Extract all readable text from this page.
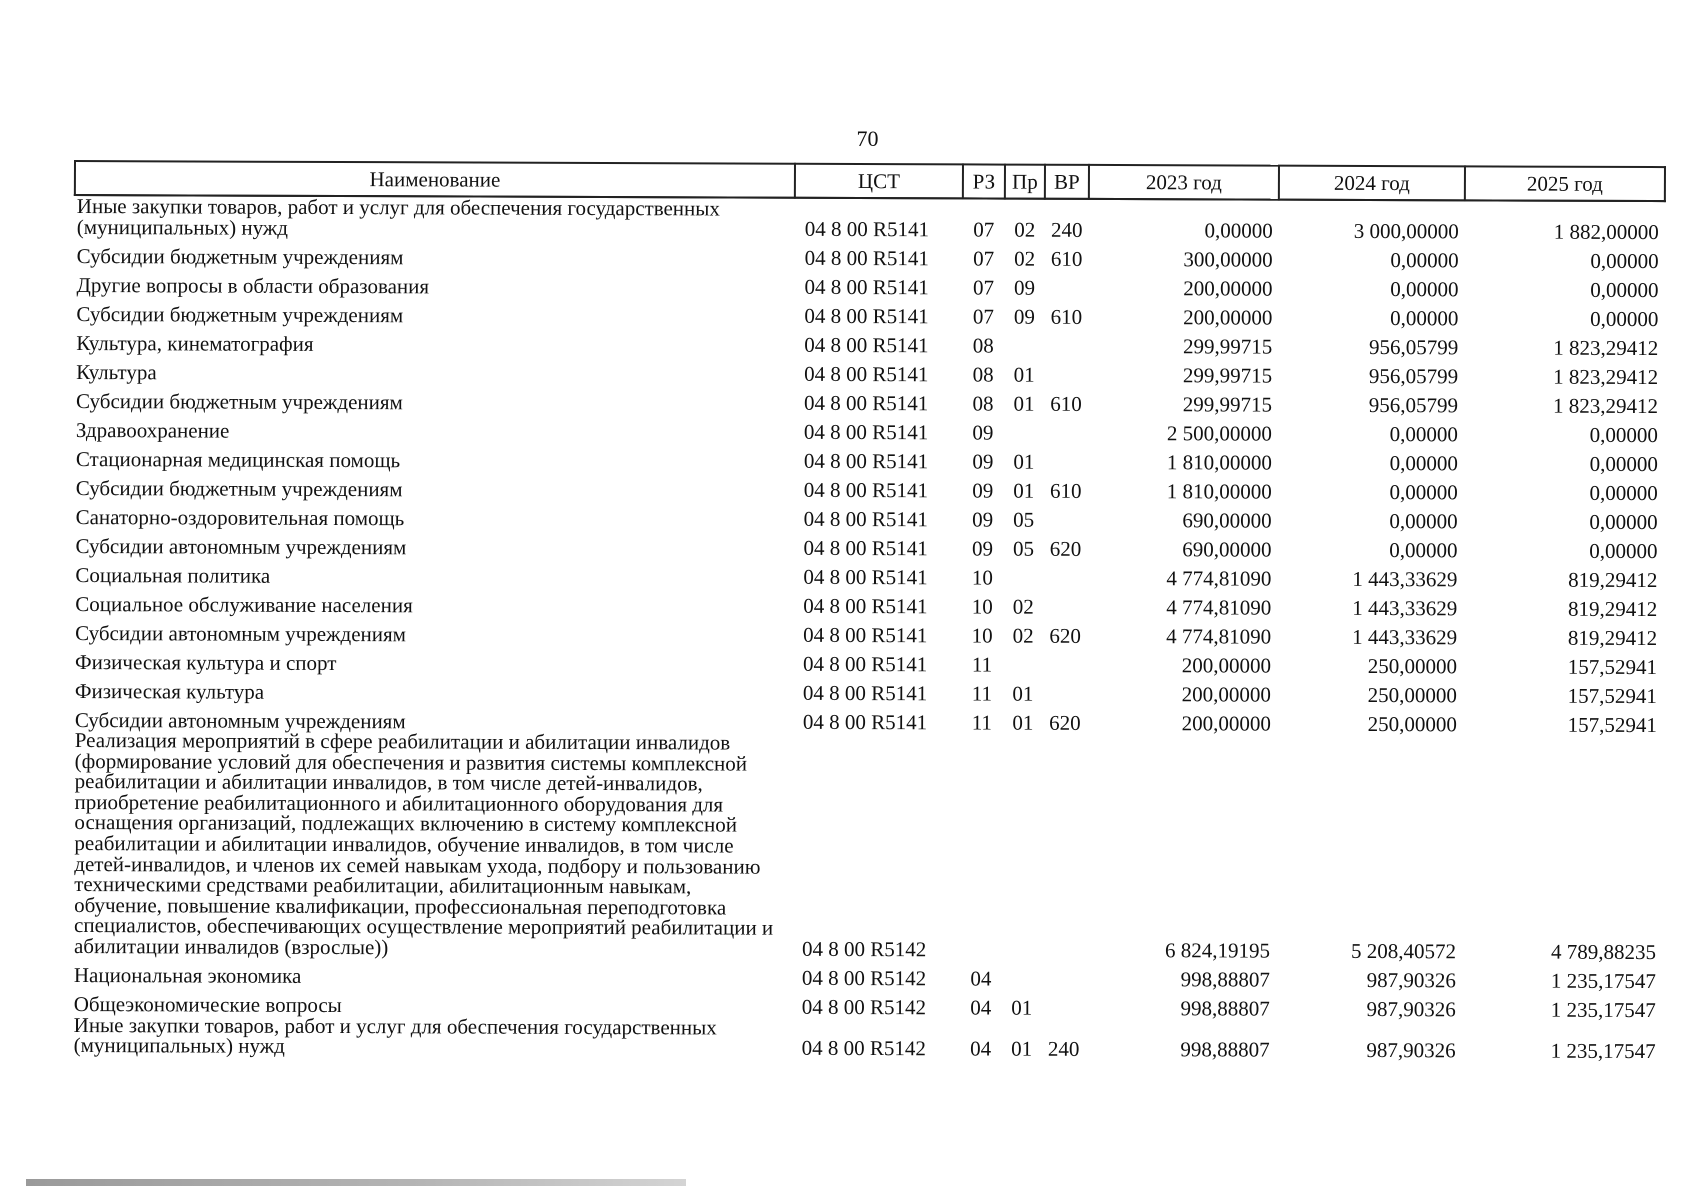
70
Наименование	ЦСТ	РЗ	Пр	ВР	2023 год	2024 год	2025 год
Иные закупки товаров, работ и услуг для обеспечения государственных (муниципальных) нужд	04 8 00 R5141	07	02	240	0,00000	3 000,00000	1 882,00000
Субсидии бюджетным учреждениям	04 8 00 R5141	07	02	610	300,00000	0,00000	0,00000
Другие вопросы в области образования	04 8 00 R5141	07	09		200,00000	0,00000	0,00000
Субсидии бюджетным учреждениям	04 8 00 R5141	07	09	610	200,00000	0,00000	0,00000
Культура, кинематография	04 8 00 R5141	08			299,99715	956,05799	1 823,29412
Культура	04 8 00 R5141	08	01		299,99715	956,05799	1 823,29412
Субсидии бюджетным учреждениям	04 8 00 R5141	08	01	610	299,99715	956,05799	1 823,29412
Здравоохранение	04 8 00 R5141	09			2 500,00000	0,00000	0,00000
Стационарная медицинская помощь	04 8 00 R5141	09	01		1 810,00000	0,00000	0,00000
Субсидии бюджетным учреждениям	04 8 00 R5141	09	01	610	1 810,00000	0,00000	0,00000
Санаторно-оздоровительная помощь	04 8 00 R5141	09	05		690,00000	0,00000	0,00000
Субсидии автономным учреждениям	04 8 00 R5141	09	05	620	690,00000	0,00000	0,00000
Социальная политика	04 8 00 R5141	10			4 774,81090	1 443,33629	819,29412
Социальное обслуживание населения	04 8 00 R5141	10	02		4 774,81090	1 443,33629	819,29412
Субсидии автономным учреждениям	04 8 00 R5141	10	02	620	4 774,81090	1 443,33629	819,29412
Физическая культура и спорт	04 8 00 R5141	11			200,00000	250,00000	157,52941
Физическая культура	04 8 00 R5141	11	01		200,00000	250,00000	157,52941
Субсидии автономным учреждениям	04 8 00 R5141	11	01	620	200,00000	250,00000	157,52941
Реализация мероприятий в сфере реабилитации и абилитации инвалидов (формирование условий для обеспечения и развития системы комплексной реабилитации и абилитации инвалидов, в том числе детей-инвалидов, приобретение реабилитационного и абилитационного оборудования для оснащения организаций, подлежащих включению в систему комплексной реабилитации и абилитации инвалидов, обучение инвалидов, в том числе детей-инвалидов, и членов их семей навыкам ухода, подбору и пользованию техническими средствами реабилитации, абилитационным навыкам, обучение, повышение квалификации, профессиональная переподготовка специалистов, обеспечивающих осуществление мероприятий реабилитации и абилитации инвалидов (взрослые))	04 8 00 R5142				6 824,19195	5 208,40572	4 789,88235
Национальная экономика	04 8 00 R5142	04			998,88807	987,90326	1 235,17547
Общеэкономические вопросы	04 8 00 R5142	04	01		998,88807	987,90326	1 235,17547
Иные закупки товаров, работ и услуг для обеспечения государственных (муниципальных) нужд	04 8 00 R5142	04	01	240	998,88807	987,90326	1 235,17547
